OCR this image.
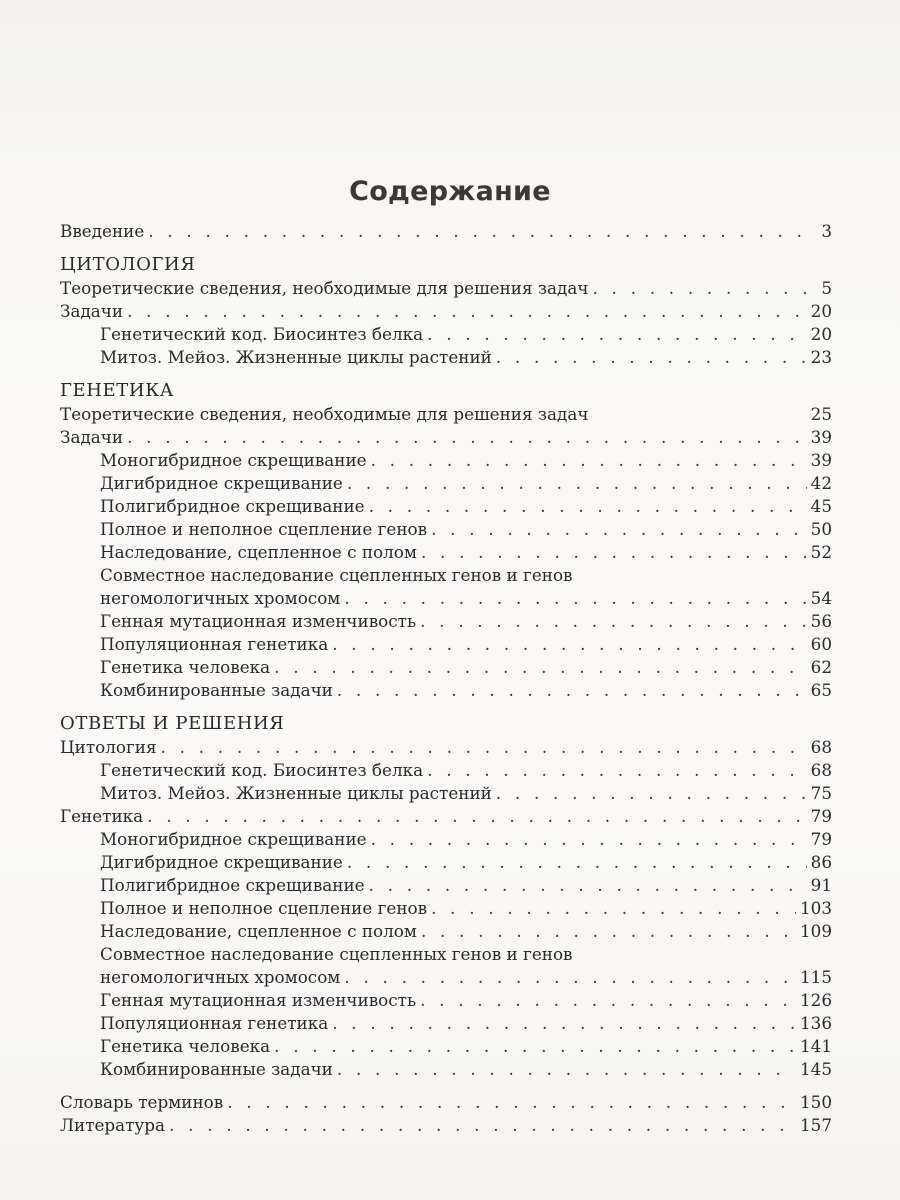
Содержание
Введение . . .	3
ЦИТОЛОГИЯ
Теоретические сведения, необходимые для решения задач . . .	5
Задачи . . .	20
Генетический код. Биосинтез белка . . .	20
Митоз. Мейоз. Жизненные циклы растений . . .	23
ГЕНЕТИКА
Теоретические сведения, необходимые для решения задач	25
Задачи . . .	39
Моногибридное скрещивание . . .	39
Дигибридное скрещивание . . .	42
Полигибридное скрещивание . . .	45
Полное и неполное сцепление генов . . .	50
Наследование, сцепленное с полом . . .	52
Совместное наследование сцепленных генов и генов
негомологичных хромосом . . .	54
Генная мутационная изменчивость . . .	56
Популяционная генетика . . .	60
Генетика человека . . .	62
Комбинированные задачи . . .	65
ОТВЕТЫ И РЕШЕНИЯ
Цитология . . .	68
Генетический код. Биосинтез белка . . .	68
Митоз. Мейоз. Жизненные циклы растений . . .	75
Генетика . . .	79
Моногибридное скрещивание . . .	79
Дигибридное скрещивание . . .	86
Полигибридное скрещивание . . .	91
Полное и неполное сцепление генов . . .	103
Наследование, сцепленное с полом . . .	109
Совместное наследование сцепленных генов и генов
негомологичных хромосом . . .	115
Генная мутационная изменчивость . . .	126
Популяционная генетика . . .	136
Генетика человека . . .	141
Комбинированные задачи . . .	145
Словарь терминов . . .	150
Литература . . .	157
